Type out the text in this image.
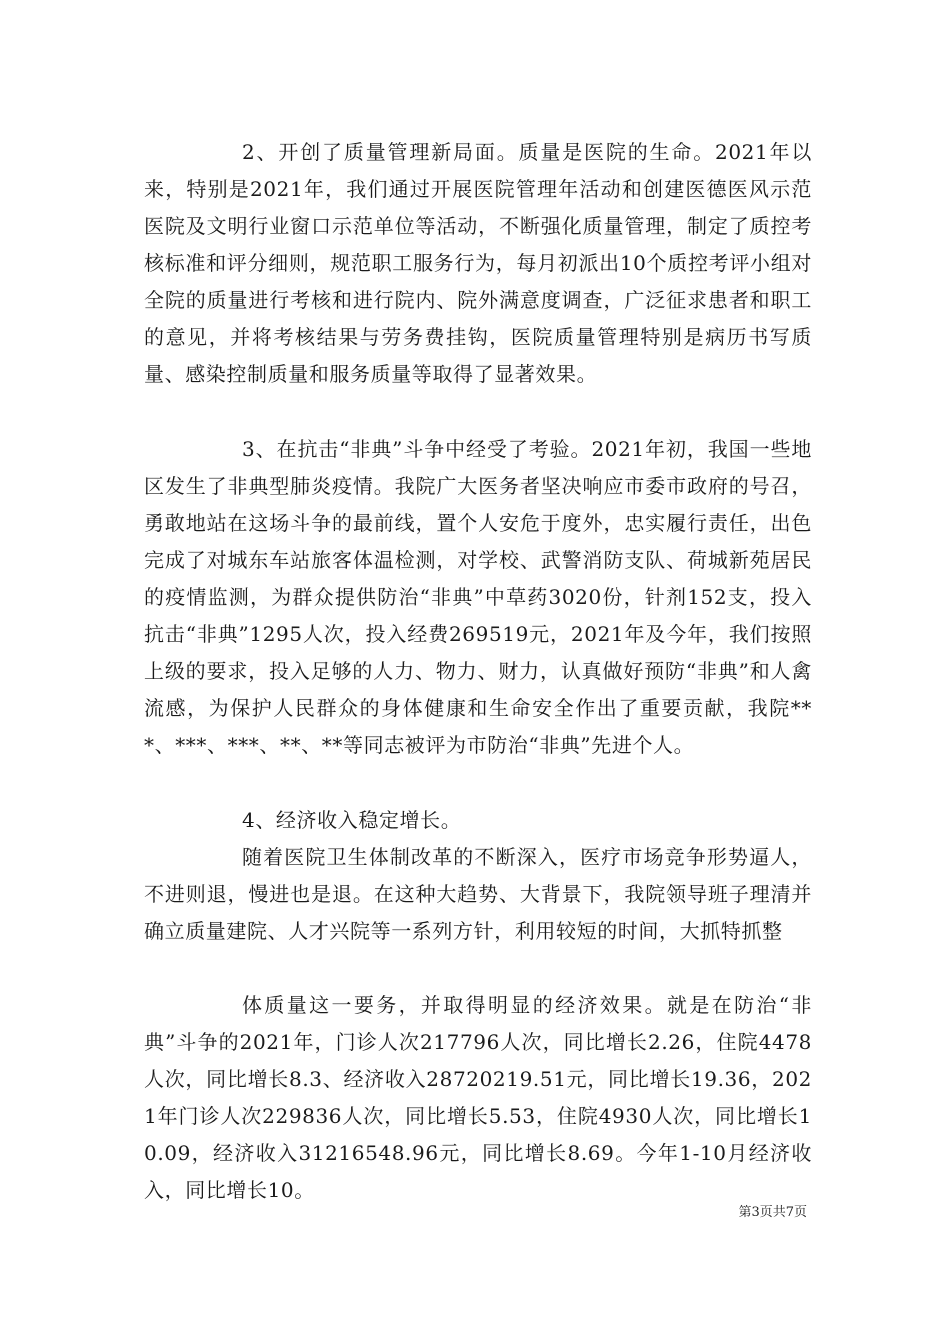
2、开创了质量管理新局面。质量是医院的生命。2021年以来，特别是2021年，我们通过开展医院管理年活动和创建医德医风示范医院及文明行业窗口示范单位等活动，不断强化质量管理，制定了质控考核标准和评分细则，规范职工服务行为，每月初派出10个质控考评小组对全院的质量进行考核和进行院内、院外满意度调查，广泛征求患者和职工的意见，并将考核结果与劳务费挂钩，医院质量管理特别是病历书写质量、感染控制质量和服务质量等取得了显著效果。

3、在抗击“非典”斗争中经受了考验。2021年初，我国一些地区发生了非典型肺炎疫情。我院广大医务者坚决响应市委市政府的号召，勇敢地站在这场斗争的最前线，置个人安危于度外，忠实履行责任，出色完成了对城东车站旅客体温检测，对学校、武警消防支队、荷城新苑居民的疫情监测，为群众提供防治“非典”中草药3020份，针剂152支，投入抗击“非典”1295人次，投入经费269519元，2021年及今年，我们按照上级的要求，投入足够的人力、物力、财力，认真做好预防“非典”和人禽流感，为保护人民群众的身体健康和生命安全作出了重要贡献，我院***、***、***、**、**等同志被评为市防治“非典”先进个人。

4、经济收入稳定增长。

随着医院卫生体制改革的不断深入，医疗市场竞争形势逼人，不进则退，慢进也是退。在这种大趋势、大背景下，我院领导班子理清并确立质量建院、人才兴院等一系列方针，利用较短的时间，大抓特抓整

体质量这一要务，并取得明显的经济效果。就是在防治“非典”斗争的2021年，门诊人次217796人次，同比增长2.26，住院4478人次，同比增长8.3、经济收入28720219.51元，同比增长19.36，2021年门诊人次229836人次，同比增长5.53，住院4930人次，同比增长10.09，经济收入31216548.96元，同比增长8.69。今年1-10月经济收入，同比增长10。

第3页共7页
